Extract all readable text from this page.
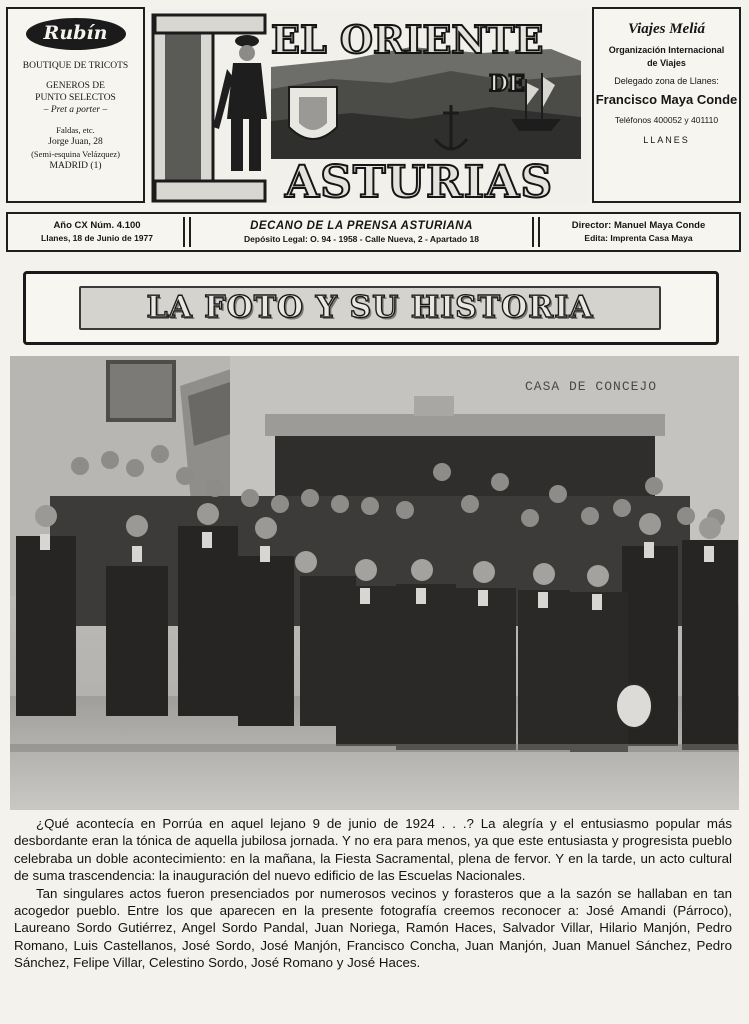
Rubín
BOUTIQUE DE TRICOTS
GENEROS DE
PUNTO SELECTOS
– Pret a porter –
Faldas, etc.
Jorge Juan, 28
(Semi-esquina Velázquez)
MADRID (1)
EL ORIENTE
DE
ASTURIAS
Viajes Meliá
Organización Internacional
de Viajes
Delegado zona de Llanes:
Francisco Maya Conde
Teléfonos 400052 y 401110
LLANES
Año CX Núm. 4.100
Llanes, 18 de Junio de 1977
DECANO DE LA PRENSA ASTURIANA
Depósito Legal: O. 94 - 1958 - Calle Nueva, 2 - Apartado 18
Director: Manuel Maya Conde
Edita: Imprenta Casa Maya
LA FOTO Y SU HISTORIA
CASA DE CONCEJO

¿Qué acontecía en Porrúa en aquel lejano 9 de junio de 1924 . . .? La alegría y el entusiasmo popular más desbordante eran la tónica de aquella jubilosa jornada. Y no era para menos, ya que este entusiasta y progresista pueblo celebraba un doble acontecimiento: en la mañana, la Fiesta Sacramental, plena de fervor. Y en la tarde, un acto cultural de suma trascendencia: la inauguración del nuevo edificio de las Escuelas Nacionales.

Tan singulares actos fueron presenciados por numerosos vecinos y forasteros que a la sazón se hallaban en tan acogedor pueblo. Entre los que aparecen en la presente fotografía creemos reconocer a: José Amandi (Párroco), Laureano Sordo Gutiérrez, Angel Sordo Pandal, Juan Noriega, Ramón Haces, Salvador Villar, Hilario Manjón, Pedro Romano, Luis Castellanos, José Sordo, José Manjón, Francisco Concha, Juan Manjón, Juan Manuel Sánchez, Pedro Sánchez, Felipe Villar, Celestino Sordo, José Romano y José Haces.
